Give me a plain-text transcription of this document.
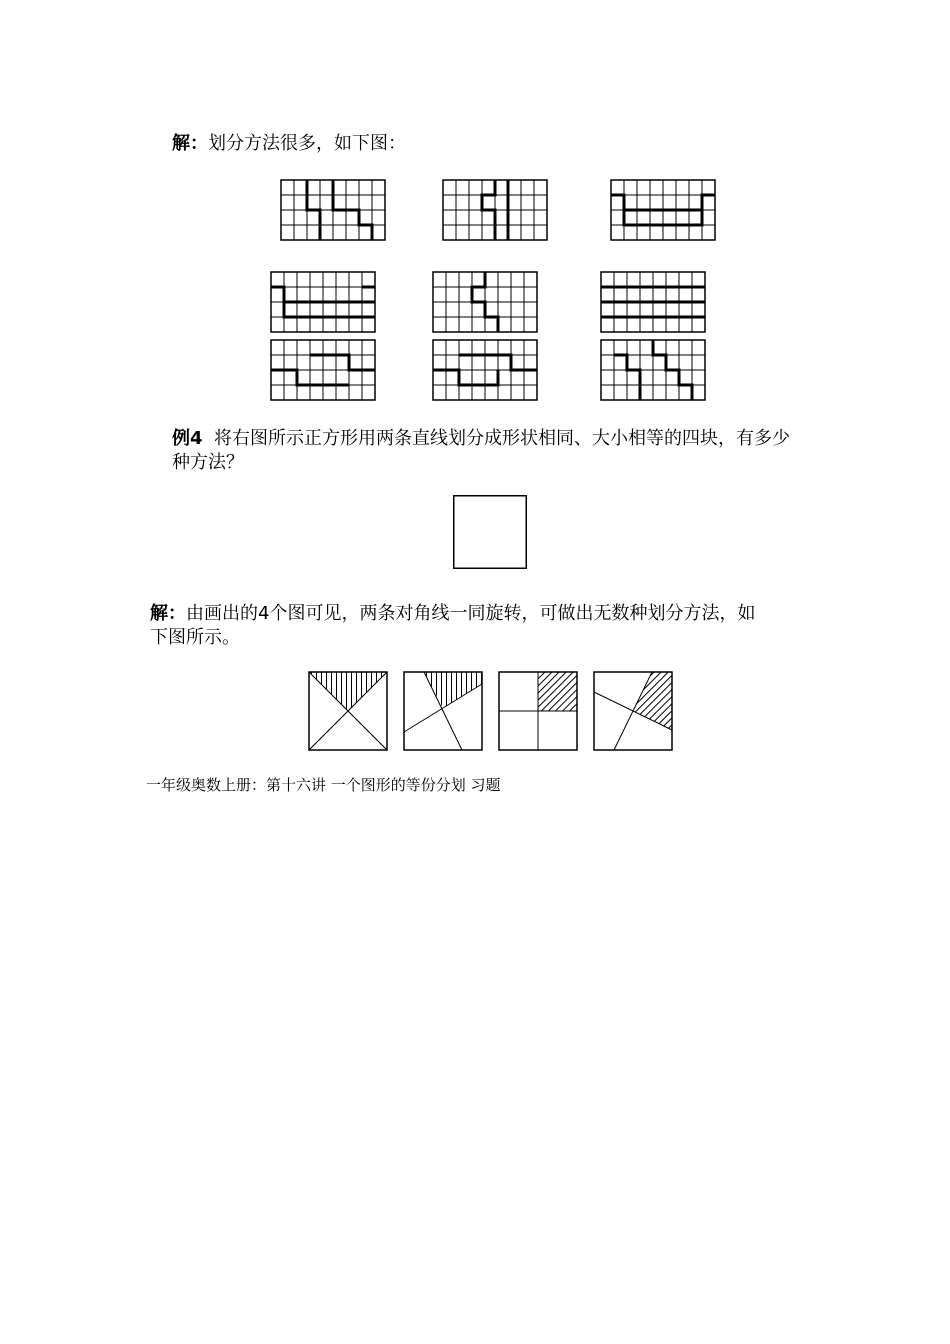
解：划分方法很多，如下图：
例4 将右图所示正方形用两条直线划分成形状相同、大小相等的四块，有多少
种方法？
解：由画出的4个图可见，两条对角线一同旋转，可做出无数种划分方法，如
下图所示。
一年级奥数上册：第十六讲 一个图形的等份分划 习题
